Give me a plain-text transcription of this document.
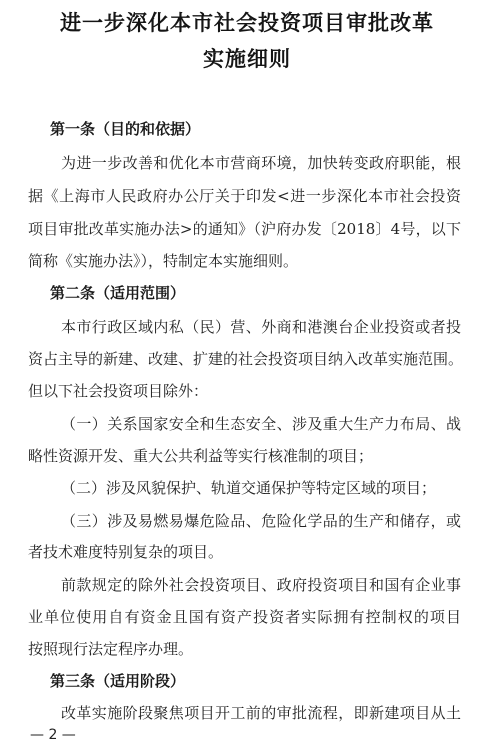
进一步深化本市社会投资项目审批改革
实施细则
第一条（目的和依据）
为进一步改善和优化本市营商环境，加快转变政府职能，根
据《上海市人民政府办公厅关于印发<进一步深化本市社会投资
项目审批改革实施办法>的通知》（沪府办发〔2018〕4号，以下
简称《实施办法》），特制定本实施细则。
第二条（适用范围）
本市行政区域内私（民）营、外商和港澳台企业投资或者投
资占主导的新建、改建、扩建的社会投资项目纳入改革实施范围。
但以下社会投资项目除外：
（一）关系国家安全和生态安全、涉及重大生产力布局、战
略性资源开发、重大公共利益等实行核准制的项目；
（二）涉及风貌保护、轨道交通保护等特定区域的项目；
（三）涉及易燃易爆危险品、危险化学品的生产和储存，或
者技术难度特别复杂的项目。
前款规定的除外社会投资项目、政府投资项目和国有企业事
业单位使用自有资金且国有资产投资者实际拥有控制权的项目
按照现行法定程序办理。
第三条（适用阶段）
改革实施阶段聚焦项目开工前的审批流程，即新建项目从土
— 2 —
